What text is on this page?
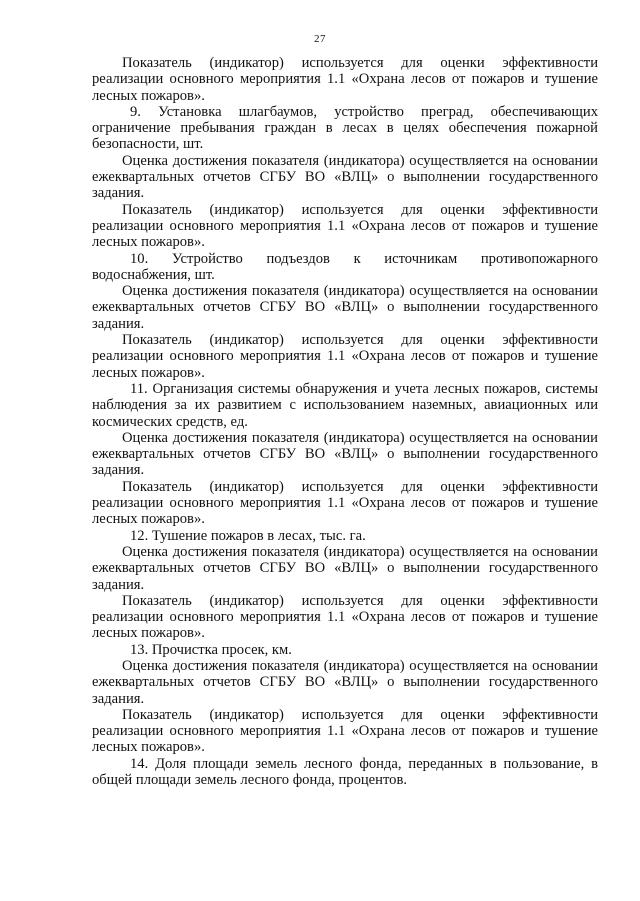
27

Показатель (индикатор) используется для оценки эффективности реализации основного мероприятия 1.1 «Охрана лесов от пожаров и тушение лесных пожаров».

9. Установка шлагбаумов, устройство преград, обеспечивающих ограничение пребывания граждан в лесах в целях обеспечения пожарной безопасности, шт.

Оценка достижения показателя (индикатора) осуществляется на основании ежеквартальных отчетов СГБУ ВО «ВЛЦ» о выполнении государственного задания.

Показатель (индикатор) используется для оценки эффективности реализации основного мероприятия 1.1 «Охрана лесов от пожаров и тушение лесных пожаров».

10. Устройство подъездов к источникам противопожарного водоснабжения, шт.

Оценка достижения показателя (индикатора) осуществляется на основании ежеквартальных отчетов СГБУ ВО «ВЛЦ» о выполнении государственного задания.

Показатель (индикатор) используется для оценки эффективности реализации основного мероприятия 1.1 «Охрана лесов от пожаров и тушение лесных пожаров».

11. Организация системы обнаружения и учета лесных пожаров, системы наблюдения за их развитием с использованием наземных, авиационных или космических средств, ед.

Оценка достижения показателя (индикатора) осуществляется на основании ежеквартальных отчетов СГБУ ВО «ВЛЦ» о выполнении государственного задания.

Показатель (индикатор) используется для оценки эффективности реализации основного мероприятия 1.1 «Охрана лесов от пожаров и тушение лесных пожаров».

12. Тушение пожаров в лесах, тыс. га.

Оценка достижения показателя (индикатора) осуществляется на основании ежеквартальных отчетов СГБУ ВО «ВЛЦ» о выполнении государственного задания.

Показатель (индикатор) используется для оценки эффективности реализации основного мероприятия 1.1 «Охрана лесов от пожаров и тушение лесных пожаров».

13. Прочистка просек, км.

Оценка достижения показателя (индикатора) осуществляется на основании ежеквартальных отчетов СГБУ ВО «ВЛЦ» о выполнении государственного задания.

Показатель (индикатор) используется для оценки эффективности реализации основного мероприятия 1.1 «Охрана лесов от пожаров и тушение лесных пожаров».

14. Доля площади земель лесного фонда, переданных в пользование, в общей площади земель лесного фонда, процентов.
